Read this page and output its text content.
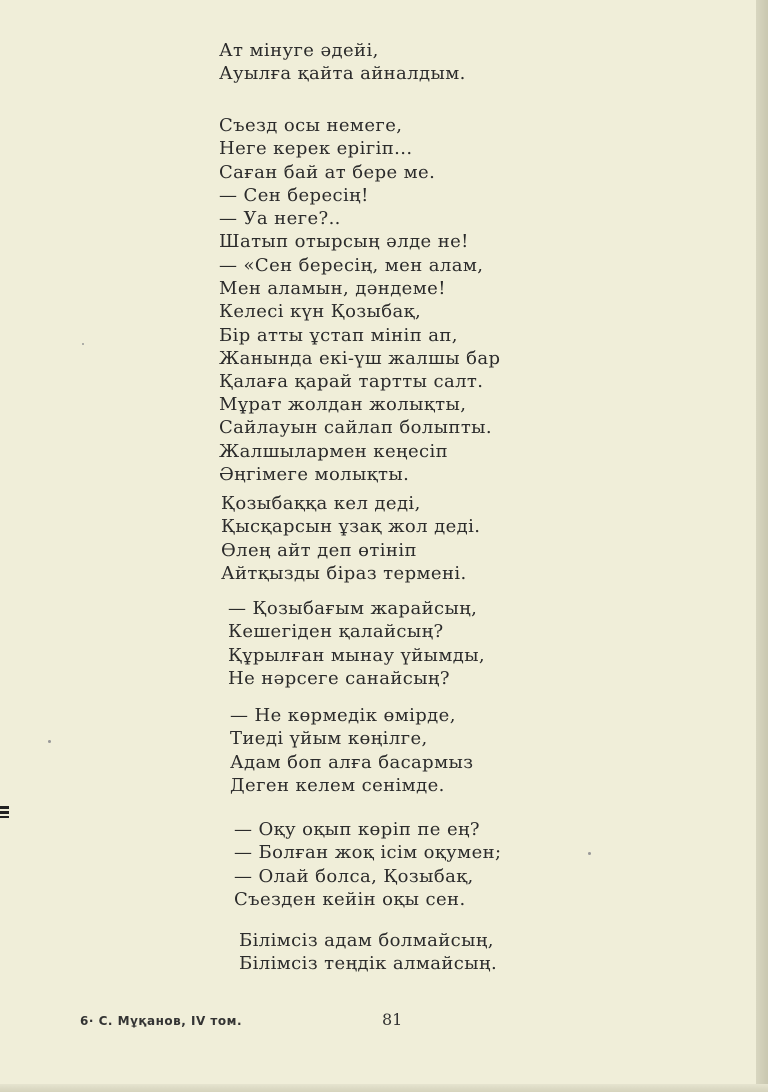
Ат мінуге әдейі,
Ауылға қайта айналдым.
Съезд осы немеге,
Неге керек ерігіп...
Саған бай ат бере ме.
— Сен бересің!
— Уа неге?..
Шатып отырсың әлде не!
— «Сен бересің, мен алам,
Мен аламын, дәндеме!
Келесі күн Қозыбақ,
Бір атты ұстап мініп ап,
Жанында екі-үш жалшы бар
Қалаға қарай тартты салт.
Мұрат жолдан жолықты,
Сайлауын сайлап болыпты.
Жалшылармен кеңесіп
Әңгімеге молықты.
Қозыбаққа кел деді,
Қысқарсын ұзақ жол деді.
Өлең айт деп өтініп
Айтқызды біраз термені.
— Қозыбағым жарайсың,
Кешегіден қалайсың?
Құрылған мынау үйымды,
Не нәрсеге санайсың?
— Не көрмедік өмірде,
Тиеді үйым көңілге,
Адам боп алға басармыз
Деген келем сенімде.
— Оқу оқып көріп пе ең?
— Болған жоқ ісім оқумен;
— Олай болса, Қозыбақ,
Съезден кейін оқы сен.
Білімсіз адам болмайсың,
Білімсіз теңдік алмайсың.
6· С. Мұқанов, IV том.	81
